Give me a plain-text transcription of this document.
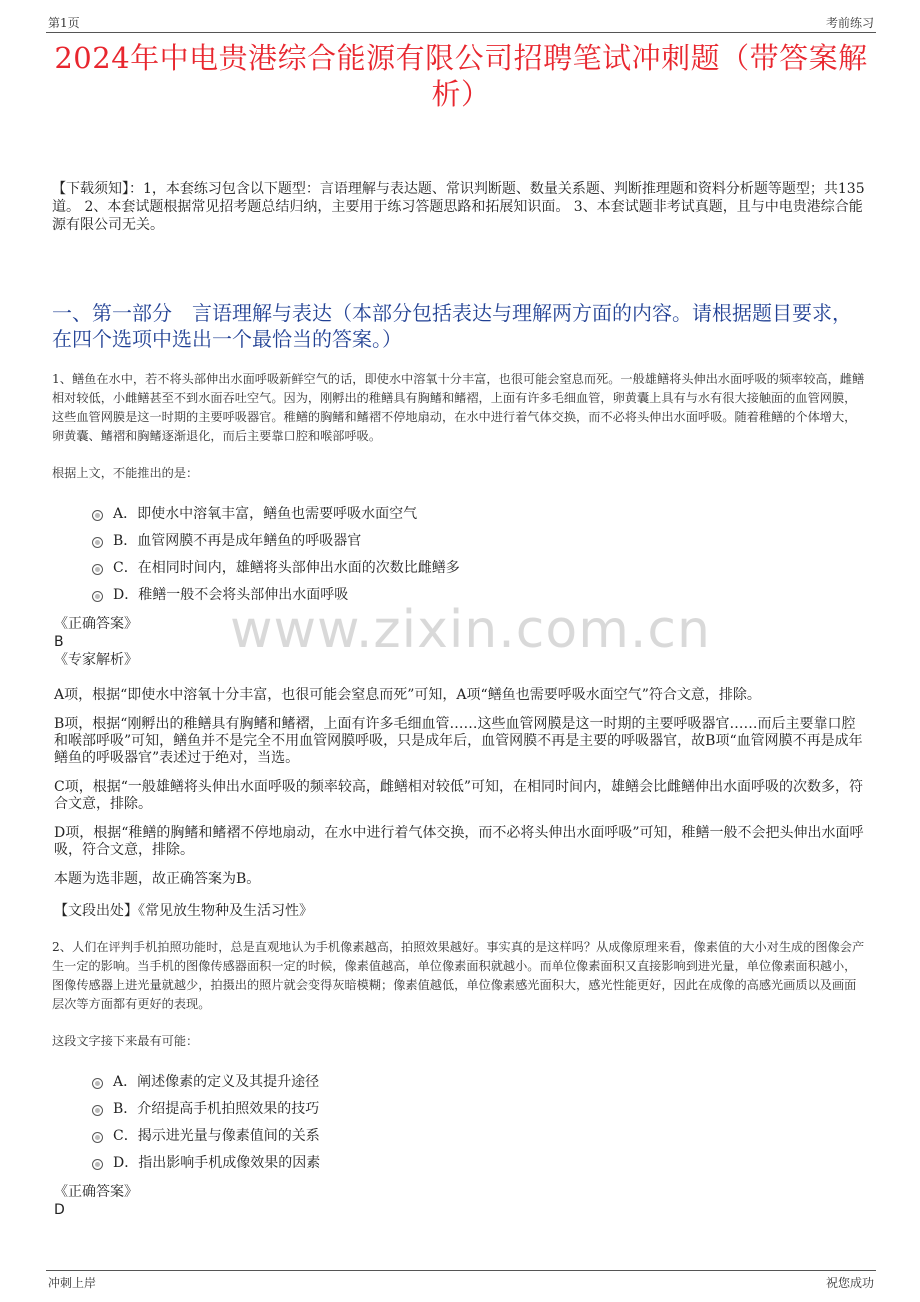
第1页	考前练习
2024年中电贵港综合能源有限公司招聘笔试冲刺题（带答案解析）
【下载须知】：1，本套练习包含以下题型：言语理解与表达题、常识判断题、数量关系题、判断推理题和资料分析题等题型；共135道。 2、本套试题根据常见招考题总结归纳，主要用于练习答题思路和拓展知识面。 3、本套试题非考试真题，且与中电贵港综合能源有限公司无关。
一、第一部分　言语理解与表达（本部分包括表达与理解两方面的内容。请根据题目要求，在四个选项中选出一个最恰当的答案。）
www.zixin.com.cn

1、鳝鱼在水中，若不将头部伸出水面呼吸新鲜空气的话，即使水中溶氧十分丰富，也很可能会窒息而死。一般雄鳝将头伸出水面呼吸的频率较高，雌鳝相对较低，小雌鳝甚至不到水面吞吐空气。因为，刚孵出的稚鳝具有胸鳍和鳍褶，上面有许多毛细血管，卵黄囊上具有与水有很大接触面的血管网膜，这些血管网膜是这一时期的主要呼吸器官。稚鳝的胸鳍和鳍褶不停地扇动，在水中进行着气体交换，而不必将头伸出水面呼吸。随着稚鳝的个体增大，卵黄囊、鳍褶和胸鳍逐渐退化，而后主要靠口腔和喉部呼吸。

根据上文，不能推出的是：

A．即使水中溶氧丰富，鳝鱼也需要呼吸水面空气
B．血管网膜不再是成年鳝鱼的呼吸器官
C．在相同时间内，雄鳝将头部伸出水面的次数比雌鳝多
D．稚鳝一般不会将头部伸出水面呼吸
《正确答案》
B
《专家解析》

A项，根据“即使水中溶氧十分丰富，也很可能会窒息而死”可知，A项“鳝鱼也需要呼吸水面空气”符合文意，排除。

B项，根据“刚孵出的稚鳝具有胸鳍和鳍褶，上面有许多毛细血管……这些血管网膜是这一时期的主要呼吸器官……而后主要靠口腔和喉部呼吸”可知，鳝鱼并不是完全不用血管网膜呼吸，只是成年后，血管网膜不再是主要的呼吸器官，故B项“血管网膜不再是成年鳝鱼的呼吸器官”表述过于绝对，当选。

C项，根据“一般雄鳝将头伸出水面呼吸的频率较高，雌鳝相对较低”可知，在相同时间内，雄鳝会比雌鳝伸出水面呼吸的次数多，符合文意，排除。

D项，根据“稚鳝的胸鳍和鳍褶不停地扇动，在水中进行着气体交换，而不必将头伸出水面呼吸”可知，稚鳝一般不会把头伸出水面呼吸，符合文意，排除。

本题为选非题，故正确答案为B。

【文段出处】《常见放生物种及生活习性》

2、人们在评判手机拍照功能时，总是直观地认为手机像素越高，拍照效果越好。事实真的是这样吗？从成像原理来看，像素值的大小对生成的图像会产生一定的影响。当手机的图像传感器面积一定的时候，像素值越高，单位像素面积就越小。而单位像素面积又直接影响到进光量，单位像素面积越小，图像传感器上进光量就越少，拍摄出的照片就会变得灰暗模糊；像素值越低，单位像素感光面积大，感光性能更好，因此在成像的高感光画质以及画面层次等方面都有更好的表现。

这段文字接下来最有可能：

A．阐述像素的定义及其提升途径
B．介绍提高手机拍照效果的技巧
C．揭示进光量与像素值间的关系
D．指出影响手机成像效果的因素
《正确答案》
D
冲刺上岸	祝您成功
